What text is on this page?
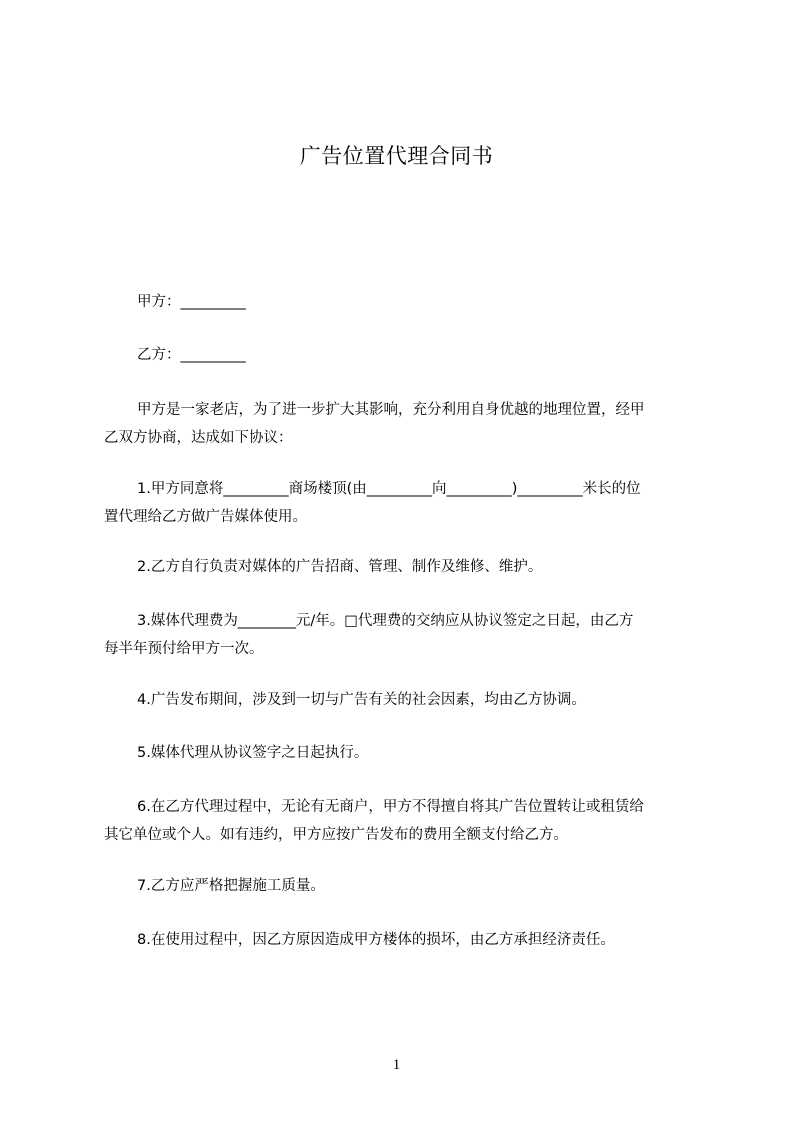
广告位置代理合同书
甲方：_________
乙方：_________
甲方是一家老店，为了进一步扩大其影响，充分利用自身优越的地理位置，经甲
乙双方协商，达成如下协议：
1.甲方同意将_________商场楼顶(由_________向_________)_________米长的位
置代理给乙方做广告媒体使用。
2.乙方自行负责对媒体的广告招商、管理、制作及维修、维护。
3.媒体代理费为________元/年。□代理费的交纳应从协议签定之日起，由乙方
每半年预付给甲方一次。
4.广告发布期间，涉及到一切与广告有关的社会因素，均由乙方协调。
5.媒体代理从协议签字之日起执行。
6.在乙方代理过程中，无论有无商户，甲方不得擅自将其广告位置转让或租赁给
其它单位或个人。如有违约，甲方应按广告发布的费用全额支付给乙方。
7.乙方应严格把握施工质量。
8.在使用过程中，因乙方原因造成甲方楼体的损坏，由乙方承担经济责任。
1
